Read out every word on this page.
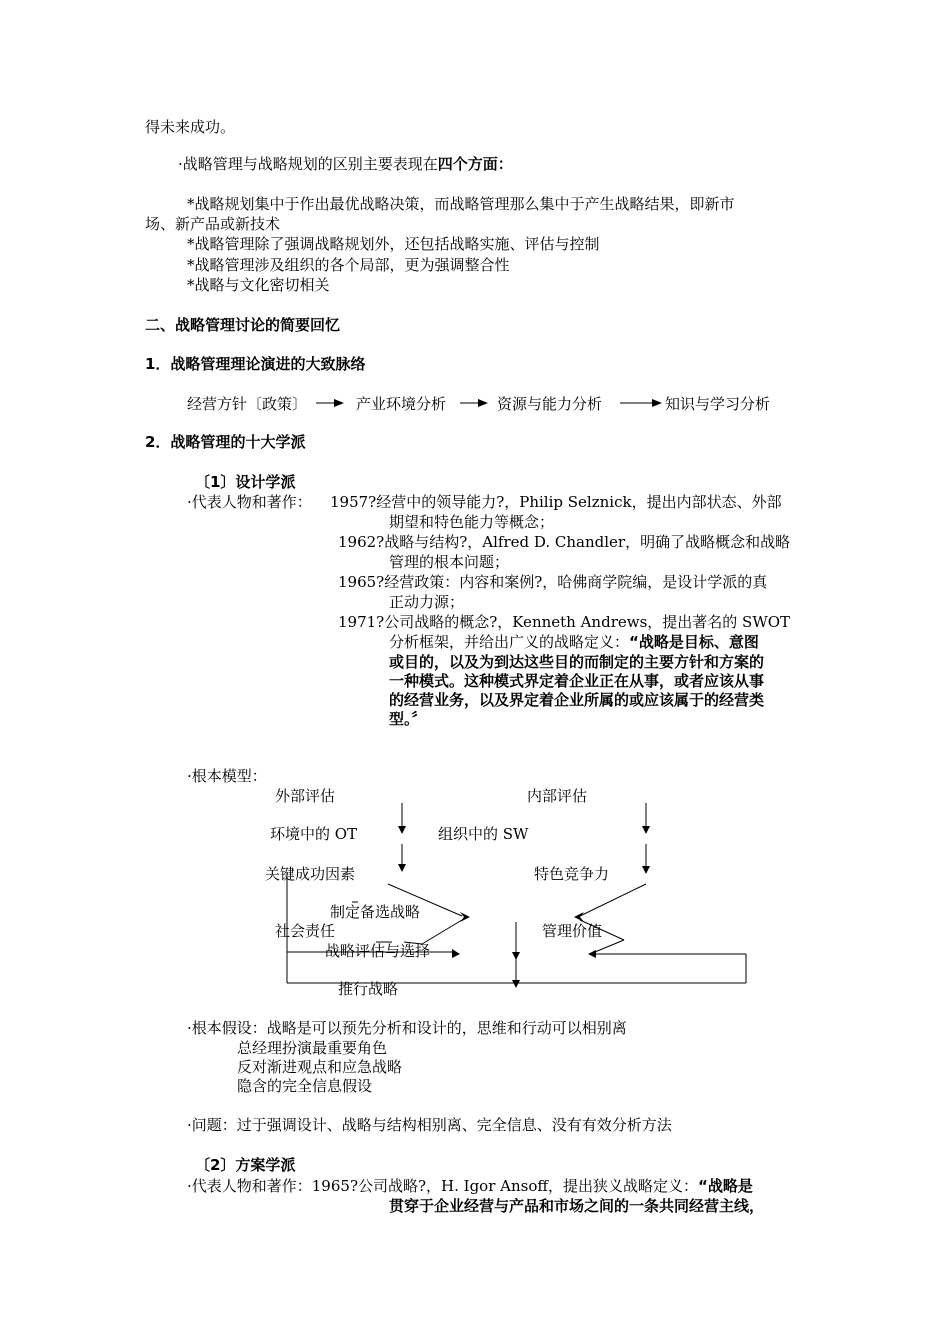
得未来成功。
·战略管理与战略规划的区别主要表现在四个方面：
*战略规划集中于作出最优战略决策，而战略管理那么集中于产生战略结果，即新市
场、新产品或新技术
*战略管理除了强调战略规划外，还包括战略实施、评估与控制
*战略管理涉及组织的各个局部，更为强调整合性
*战略与文化密切相关
二、战略管理讨论的简要回忆
1．战略管理理论演进的大致脉络
经营方针〔政策〕	产业环境分析	资源与能力分析	知识与学习分析
2．战略管理的十大学派
〔1〕设计学派
·代表人物和著作： 1957?经营中的领导能力?，Philip Selznick，提出内部状态、外部
期望和特色能力等概念；
1962?战略与结构?，Alfred D. Chandler，明确了战略概念和战略
管理的根本问题；
1965?经营政策：内容和案例?，哈佛商学院编，是设计学派的真
正动力源；
1971?公司战略的概念?，Kenneth Andrews，提出著名的 SWOT
分析框架，并给出广义的战略定义：“战略是目标、意图
或目的，以及为到达这些目的而制定的主要方针和方案的
一种模式。这种模式界定着企业正在从事，或者应该从事
的经营业务，以及界定着企业所属的或应该属于的经营类
型。〞
·根本模型：
外部评估	内部评估
环境中的 OT	组织中的 SW
关键成功因素	特色竞争力
制定备选战略
社会责任	管理价值
战略评估与选择
推行战略
·根本假设：战略是可以预先分析和设计的，思维和行动可以相别离
总经理扮演最重要角色
反对渐进观点和应急战略
隐含的完全信息假设
·问题：过于强调设计、战略与结构相别离、完全信息、没有有效分析方法
〔2〕方案学派
·代表人物和著作：1965?公司战略?，H. Igor Ansoff，提出狭义战略定义：“战略是
贯穿于企业经营与产品和市场之间的一条共同经营主线，
